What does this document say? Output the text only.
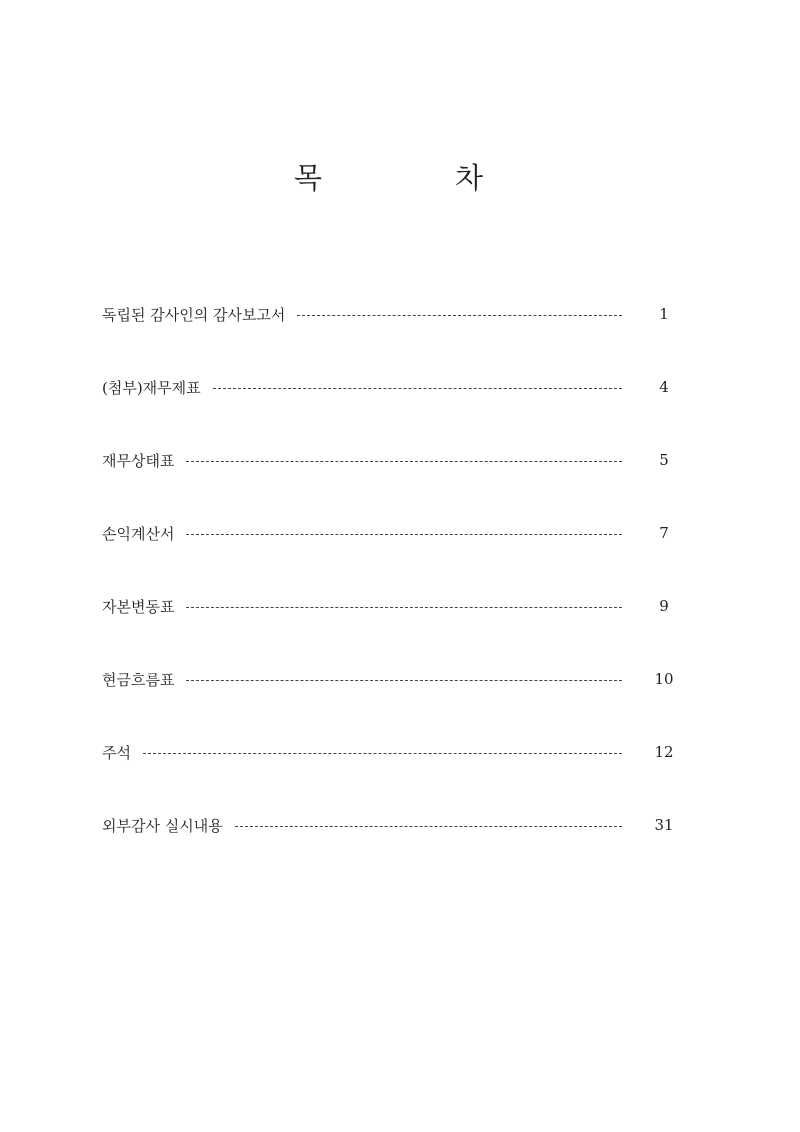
목	차
독립된 감사인의 감사보고서	1
(첨부)재무제표	4
재무상태표	5
손익계산서	7
자본변동표	9
현금흐름표	10
주석	12
외부감사 실시내용	31
